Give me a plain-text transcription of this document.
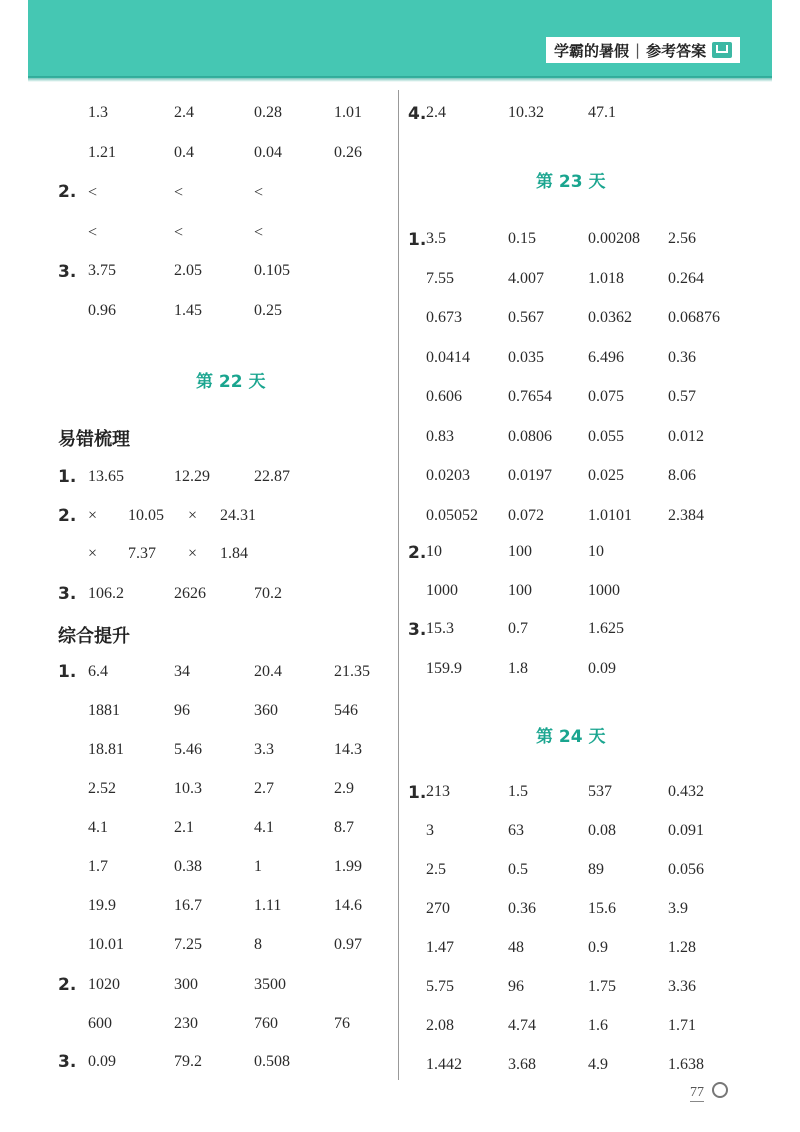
学霸的暑假 | 参考答案
1.3	2.4	0.28	1.01
1.21	0.4	0.04	0.26
2. <	<	<
<	<	<
3. 3.75	2.05	0.105
0.96	1.45	0.25
第 22 天
易错梳理
1. 13.65	12.29	22.87
2. × 10.05 × 24.31
× 7.37 × 1.84
3. 106.2	2626	70.2
综合提升
1. 6.4	34	20.4	21.35
1881	96	360	546
18.81	5.46	3.3	14.3
2.52	10.3	2.7	2.9
4.1	2.1	4.1	8.7
1.7	0.38	1	1.99
19.9	16.7	1.11	14.6
10.01	7.25	8	0.97
2. 1020	300	3500
600	230	760	76
3. 0.09	79.2	0.508
4. 2.4	10.32	47.1
第 23 天
1. 3.5	0.15	0.00208 2.56
7.55	4.007	1.018	0.264
0.673	0.567	0.0362 0.06876
0.0414 0.035	6.496	0.36
0.606	0.7654 0.075	0.57
0.83	0.0806 0.055	0.012
0.0203 0.0197 0.025	8.06
0.05052 0.072	1.0101 2.384
2. 10	100	10
1000	100	1000
3. 15.3	0.7	1.625
159.9	1.8	0.09
第 24 天
1. 213	1.5	537	0.432
3	63	0.08	0.091
2.5	0.5	89	0.056
270	0.36	15.6	3.9
1.47	48	0.9	1.28
5.75	96	1.75	3.36
2.08	4.74	1.6	1.71
1.442	3.68	4.9	1.638
77
